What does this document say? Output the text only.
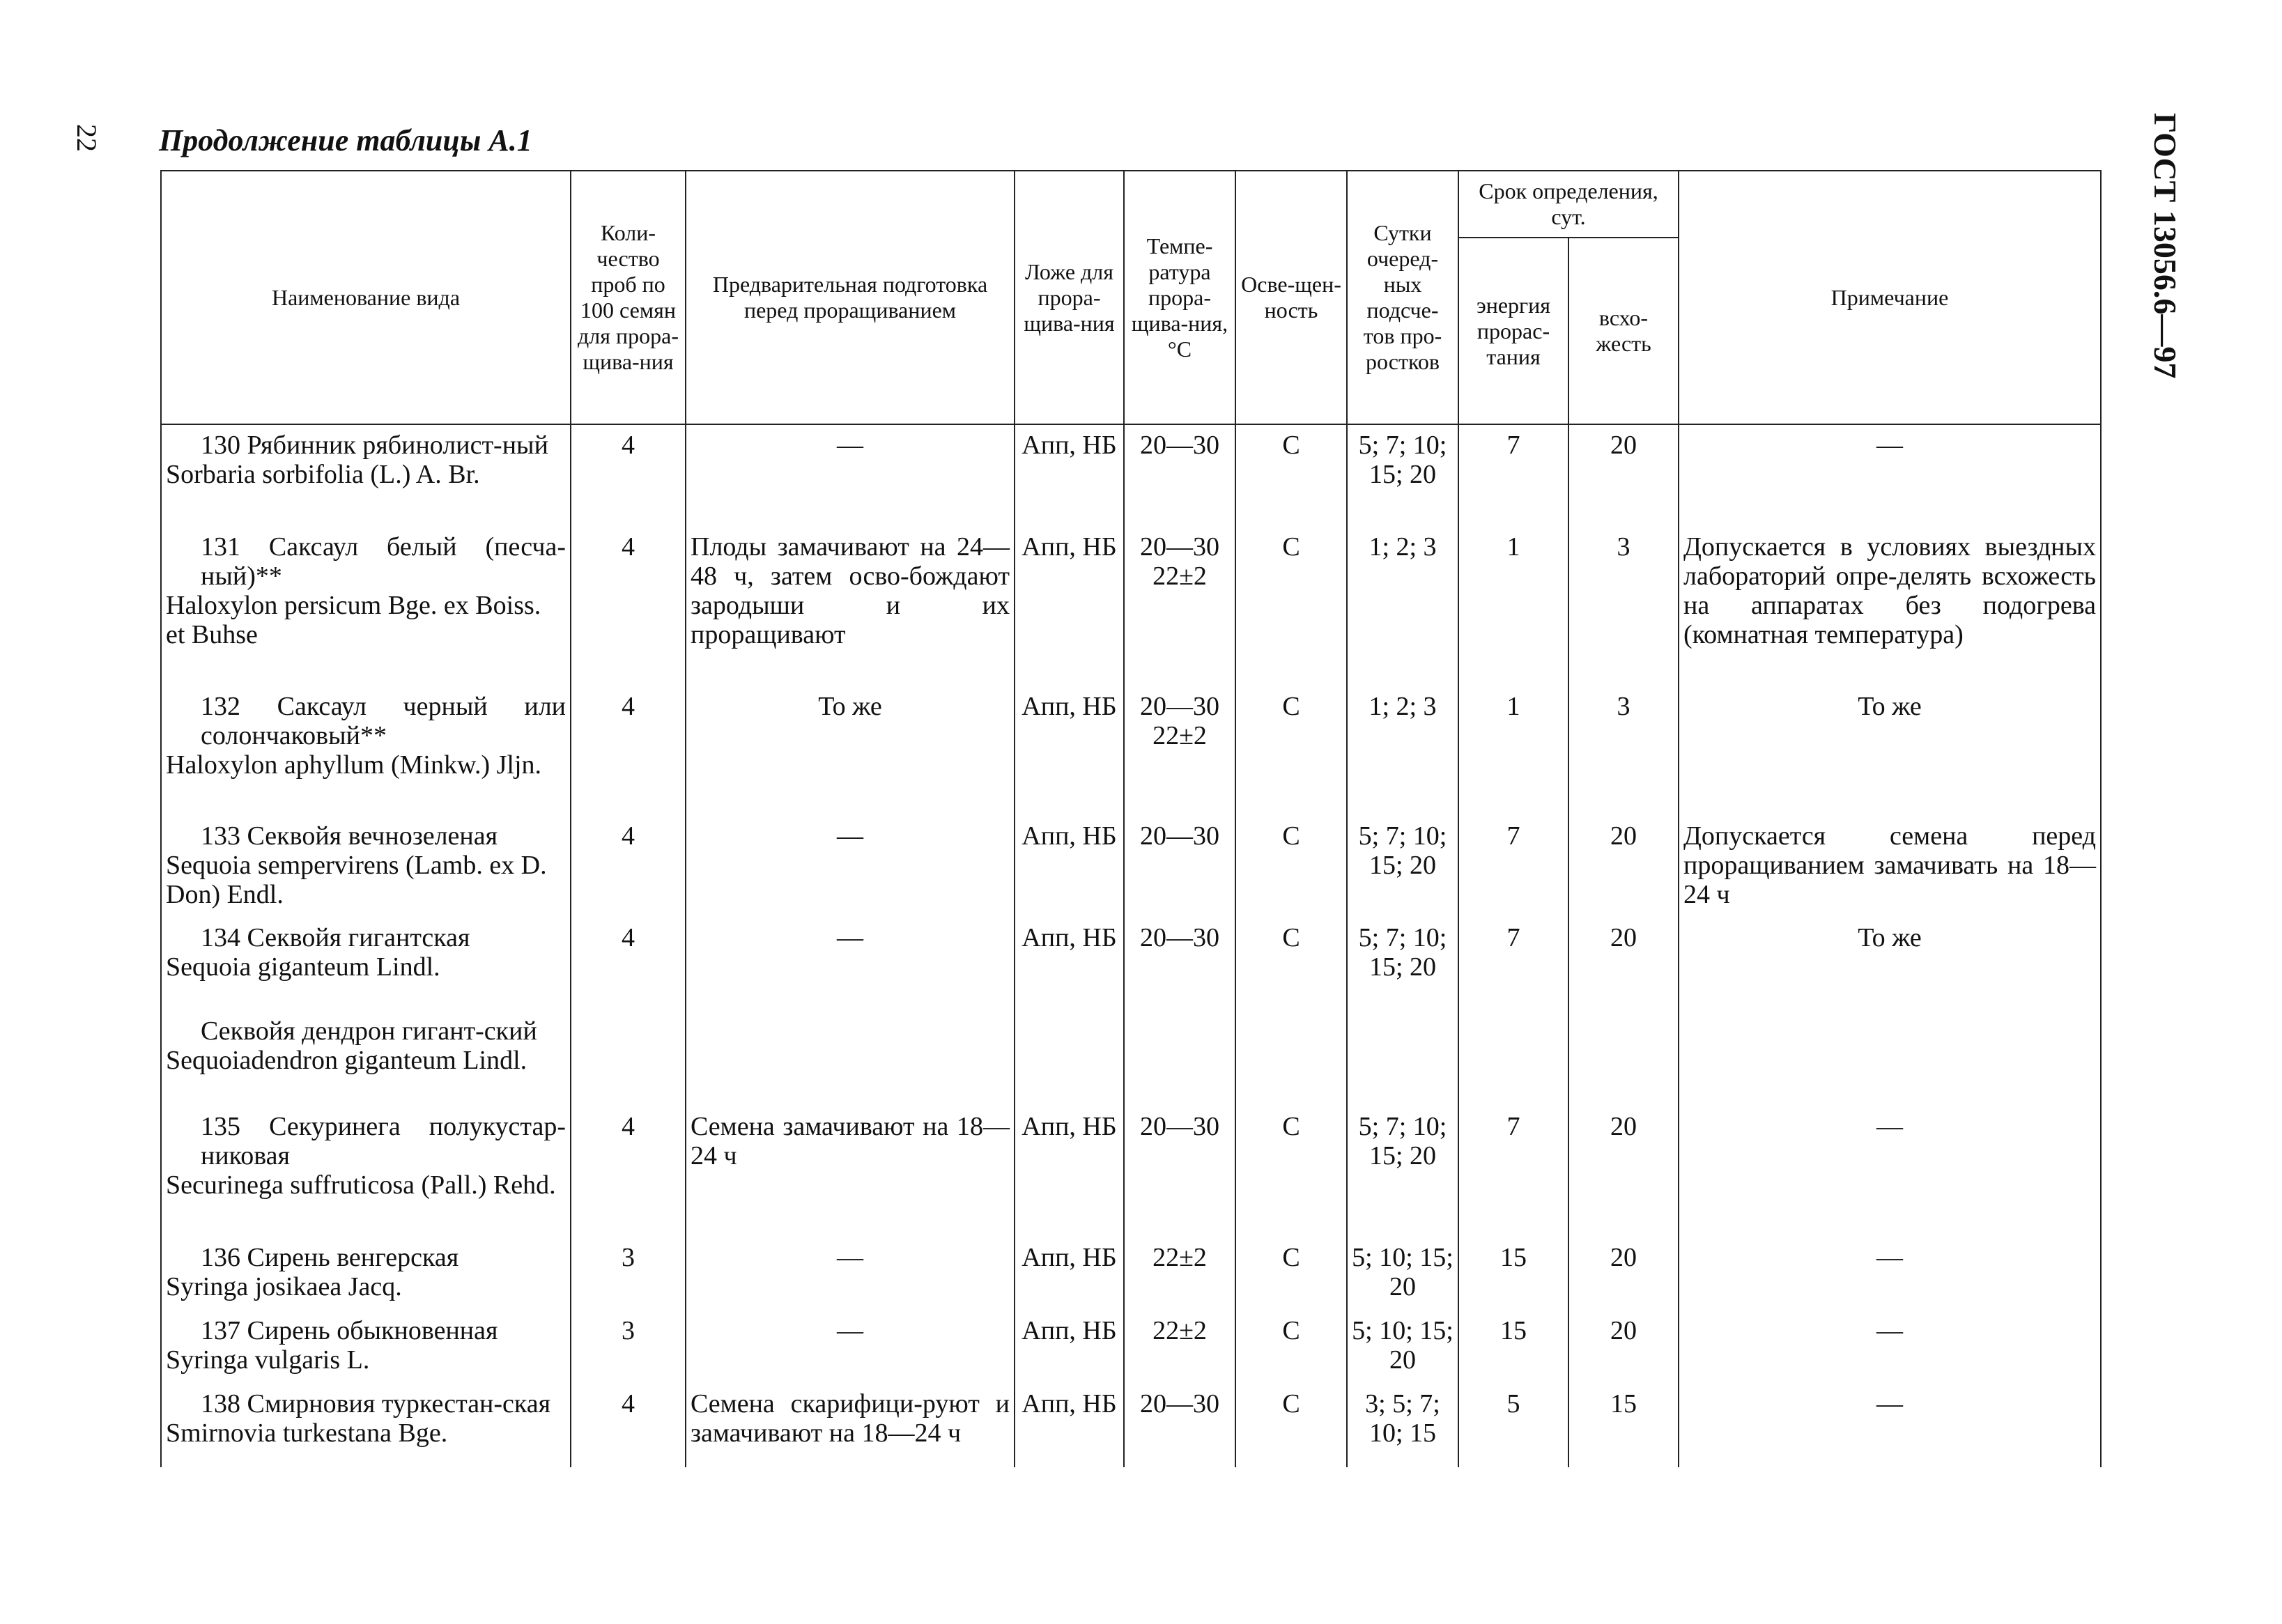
22 Продолжение таблицы А.1	ГОСТ 13056.6—97
Наименование вида	Коли-чество проб по 100 семян для прора-щива-ния	Предварительная подготовка перед проращиванием	Ложе для прора-щива-ния	Темпе-ратура прора-щива-ния, °С	Осве-щен-ность	Сутки очеред-ных подсче-тов про-ростков	Срок определения, сут.		Примечание
							энергия прорас-тания	всхо-жесть	

130 Рябинник рябинолист-ный
Sorbaria sorbifolia (L.) A. Br.	4	—	Апп, НБ	20—30	С	5; 7; 10; 15; 20	7	20	—

131 Саксаул белый (песча-ный)**
Haloxylon persicum Bge. ex Boiss. et Buhse	4	Плоды замачивают на 24—48 ч, затем осво-бождают зародыши и их проращивают	Апп, НБ	20—30 22±2	С	1; 2; 3	1	3	Допускается в условиях выездных лабораторий опре-делять всхожесть на аппаратах без подогрева (комнатная температура)

132 Саксаул черный или солончаковый**
Haloxylon aphyllum (Minkw.) Jljn.	4	То же	Апп, НБ	20—30 22±2	С	1; 2; 3	1	3	То же

133 Секвойя вечнозеленая
Sequoia sempervirens (Lamb. ex D. Don) Endl.	4	—	Апп, НБ	20—30	С	5; 7; 10; 15; 20	7	20	Допускается семена перед проращиванием замачивать на 18—24 ч

134 Секвойя гигантская
Sequoia giganteum Lindl.	4	—	Апп, НБ	20—30	С	5; 7; 10; 15; 20	7	20	То же

Секвойя дендрон гигант-ский
Sequoiadendron giganteum Lindl.									

135 Секуринега полукустар-никовая
Securinega suffruticosa (Pall.) Rehd.	4	Семена замачивают на 18—24 ч	Апп, НБ	20—30	С	5; 7; 10; 15; 20	7	20	—

136 Сирень венгерская
Syringa josikaea Jacq.	3	—	Апп, НБ	22±2	С	5; 10; 15; 20	15	20	—

137 Сирень обыкновенная
Syringa vulgaris L.	3	—	Апп, НБ	22±2	С	5; 10; 15; 20	15	20	—

138 Смирновия туркестан-ская
Smirnovia turkestana Bge.	4	Семена скарифици-руют и замачивают на 18—24 ч	Апп, НБ	20—30	С	3; 5; 7; 10; 15	5	15	—
